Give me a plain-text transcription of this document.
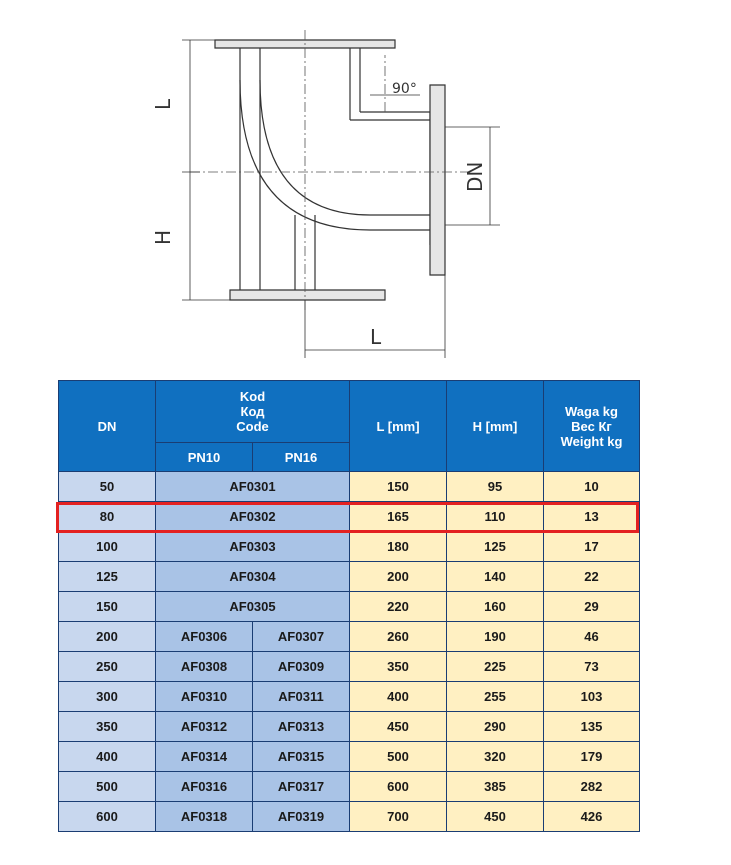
L
H
DN
L
90°
DN	Kod
Код
Code		L [mm]	H [mm]	Waga kg
Вес Кг
Weight kg

	PN10	PN16			
50	AF0301		150	95	10
80	AF0302		165	110	13
100	AF0303		180	125	17
125	AF0304		200	140	22
150	AF0305		220	160	29
200	AF0306	AF0307	260	190	46
250	AF0308	AF0309	350	225	73
300	AF0310	AF0311	400	255	103
350	AF0312	AF0313	450	290	135
400	AF0314	AF0315	500	320	179
500	AF0316	AF0317	600	385	282
600	AF0318	AF0319	700	450	426
